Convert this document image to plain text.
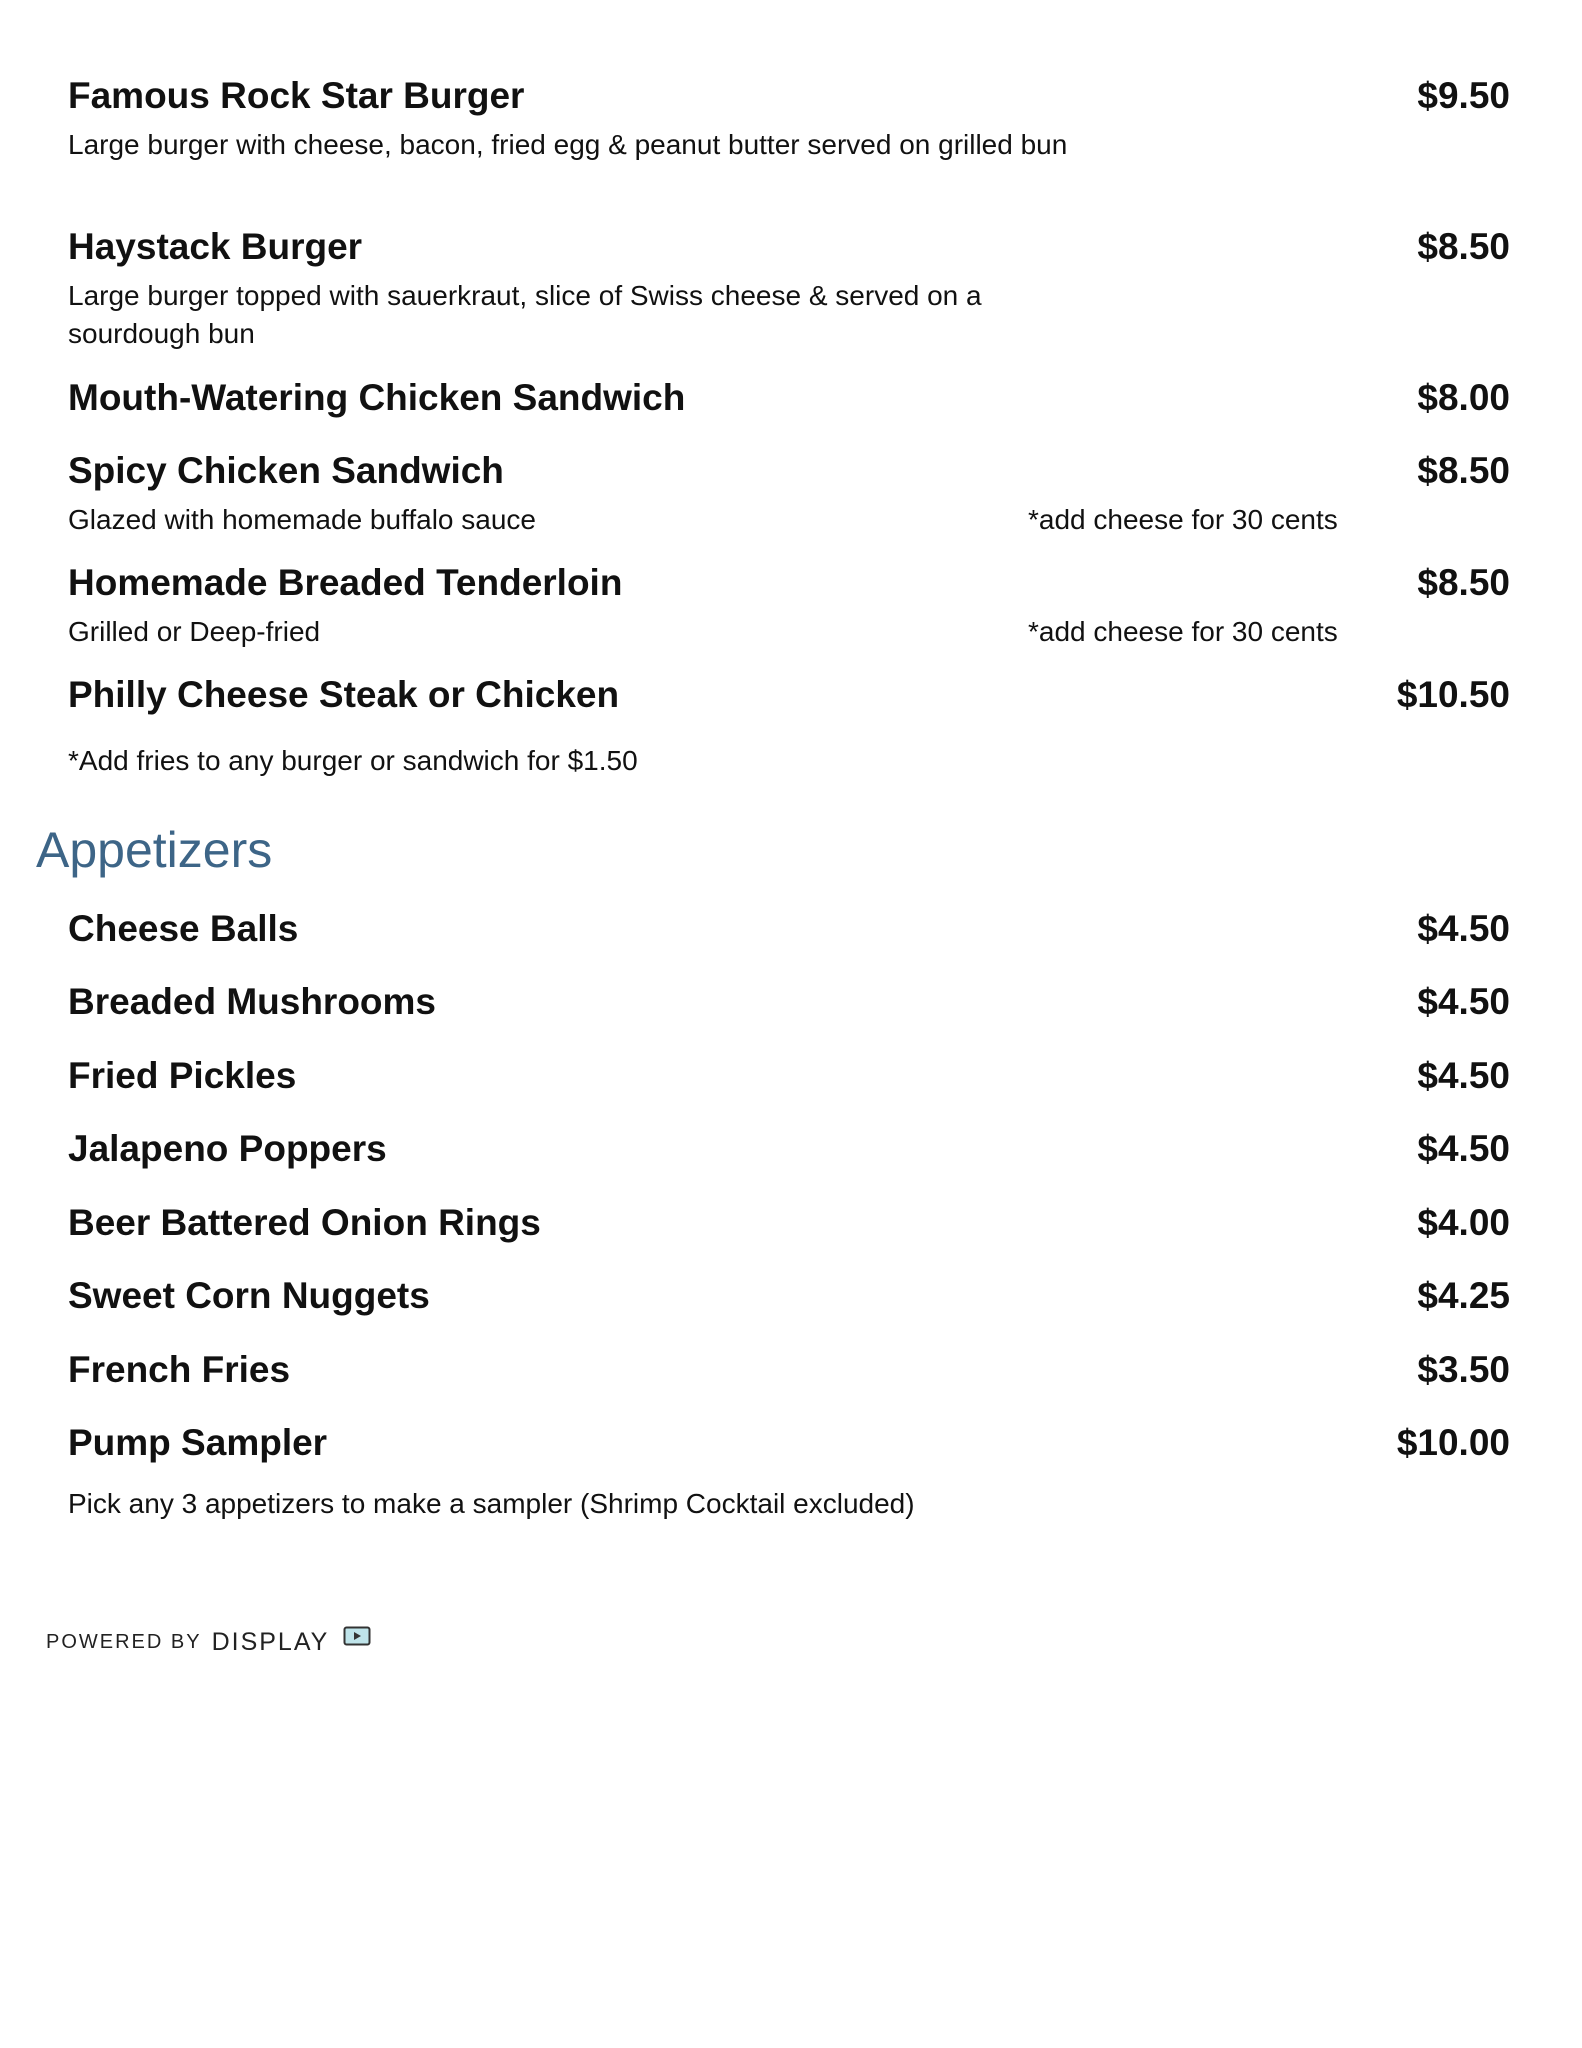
Famous Rock Star Burger	$9.50
Large burger with cheese, bacon, fried egg & peanut butter served on grilled bun
Haystack Burger	$8.50
Large burger topped with sauerkraut, slice of Swiss cheese & served on a sourdough bun
Mouth-Watering Chicken Sandwich	$8.00
Spicy Chicken Sandwich	$8.50
Glazed with homemade buffalo sauce	*add cheese for 30 cents
Homemade Breaded Tenderloin	$8.50
Grilled or Deep-fried	*add cheese for 30 cents
Philly Cheese Steak or Chicken	$10.50
*Add fries to any burger or sandwich for $1.50
Appetizers
Cheese Balls	$4.50
Breaded Mushrooms	$4.50
Fried Pickles	$4.50
Jalapeno Poppers	$4.50
Beer Battered Onion Rings	$4.00
Sweet Corn Nuggets	$4.25
French Fries	$3.50
Pump Sampler	$10.00
Pick any 3 appetizers to make a sampler (Shrimp Cocktail excluded)
POWERED BY DISPLAY
